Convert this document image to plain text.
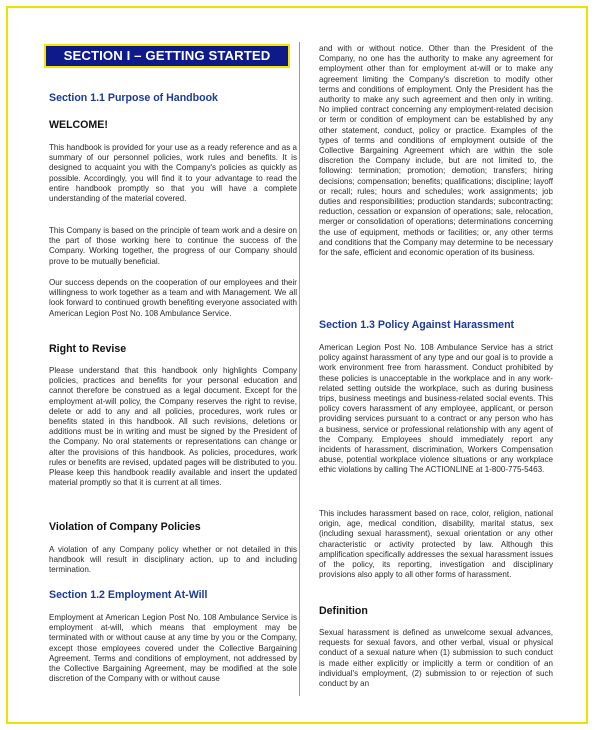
SECTION I – GETTING STARTED
Section 1.1 Purpose of Handbook
WELCOME!

This handbook is provided for your use as a ready reference and as a summary of our personnel policies, work rules and benefits. It is designed to acquaint you with the Company's policies as quickly as possible. Accordingly, you will find it to your advantage to read the entire handbook promptly so that you will have a complete understanding of the material covered.

This Company is based on the principle of team work and a desire on the part of those working here to continue the success of the Company. Working together, the progress of our Company should prove to be mutually beneficial.

Our success depends on the cooperation of our employees and their willingness to work together as a team and with Management. We all look forward to continued growth benefiting everyone associated with American Legion Post No. 108 Ambulance Service.

Right to Revise

Please understand that this handbook only highlights Company policies, practices and benefits for your personal education and cannot therefore be construed as a legal document. Except for the employment at-will policy, the Company reserves the right to revise, delete or add to any and all policies, procedures, work rules or benefits stated in this handbook. All such revisions, deletions or additions must be in writing and must be signed by the President of the Company. No oral statements or representations can change or alter the provisions of this handbook. As policies, procedures, work rules or benefits are revised, updated pages will be distributed to you. Please keep this handbook readily available and insert the updated material promptly so that it is current at all times.

Violation of Company Policies

A violation of any Company policy whether or not detailed in this handbook will result in disciplinary action, up to and including termination.

Section 1.2 Employment At-Will

Employment at American Legion Post No. 108 Ambulance Service is employment at-will, which means that employment may be terminated with or without cause at any time by you or the Company, except those employees covered under the Collective Bargaining Agreement. Terms and conditions of employment, not addressed by the Collective Bargaining Agreement, may be modified at the sole discretion of the Company with or without cause

and with or without notice. Other than the President of the Company, no one has the authority to make any agreement for employment other than for employment at-will or to make any agreement limiting the Company's discretion to modify other terms and conditions of employment. Only the President has the authority to make any such agreement and then only in writing. No implied contract concerning any employment-related decision or term or condition of employment can be established by any other statement, conduct, policy or practice. Examples of the types of terms and conditions of employment outside of the Collective Bargaining Agreement which are within the sole discretion the Company include, but are not limited to, the following: termination; promotion; demotion; transfers; hiring decisions; compensation; benefits; qualifications; discipline; layoff or recall; rules; hours and schedules; work assignments; job duties and responsibilities; production standards; subcontracting; reduction, cessation or expansion of operations; sale, relocation, merger or consolidation of operations; determinations concerning the use of equipment, methods or facilities; or, any other terms and conditions that the Company may determine to be necessary for the safe, efficient and economic operation of its business.

Section 1.3 Policy Against Harassment

American Legion Post No. 108 Ambulance Service has a strict policy against harassment of any type and our goal is to provide a work environment free from harassment. Conduct prohibited by these policies is unacceptable in the workplace and in any work-related setting outside the workplace, such as during business trips, business meetings and business-related social events. This policy covers harassment of any employee, applicant, or person providing services pursuant to a contract or any person who has a business, service or professional relationship with any agent of the Company. Employees should immediately report any incidents of harassment, discrimination, Workers Compensation abuse, potential workplace violence situations or any workplace ethic violations by calling The ACTIONLINE at 1-800-775-5463.

This includes harassment based on race, color, religion, national origin, age, medical condition, disability, marital status, sex (including sexual harassment), sexual orientation or any other characteristic or activity protected by law. Although this amplification specifically addresses the sexual harassment issues of the policy, its reporting, investigation and disciplinary provisions also apply to all other forms of harassment.

Definition

Sexual harassment is defined as unwelcome sexual advances, requests for sexual favors, and other verbal, visual or physical conduct of a sexual nature when (1) submission to such conduct is made either explicitly or implicitly a term or condition of an individual's employment, (2) submission to or rejection of such conduct by an
